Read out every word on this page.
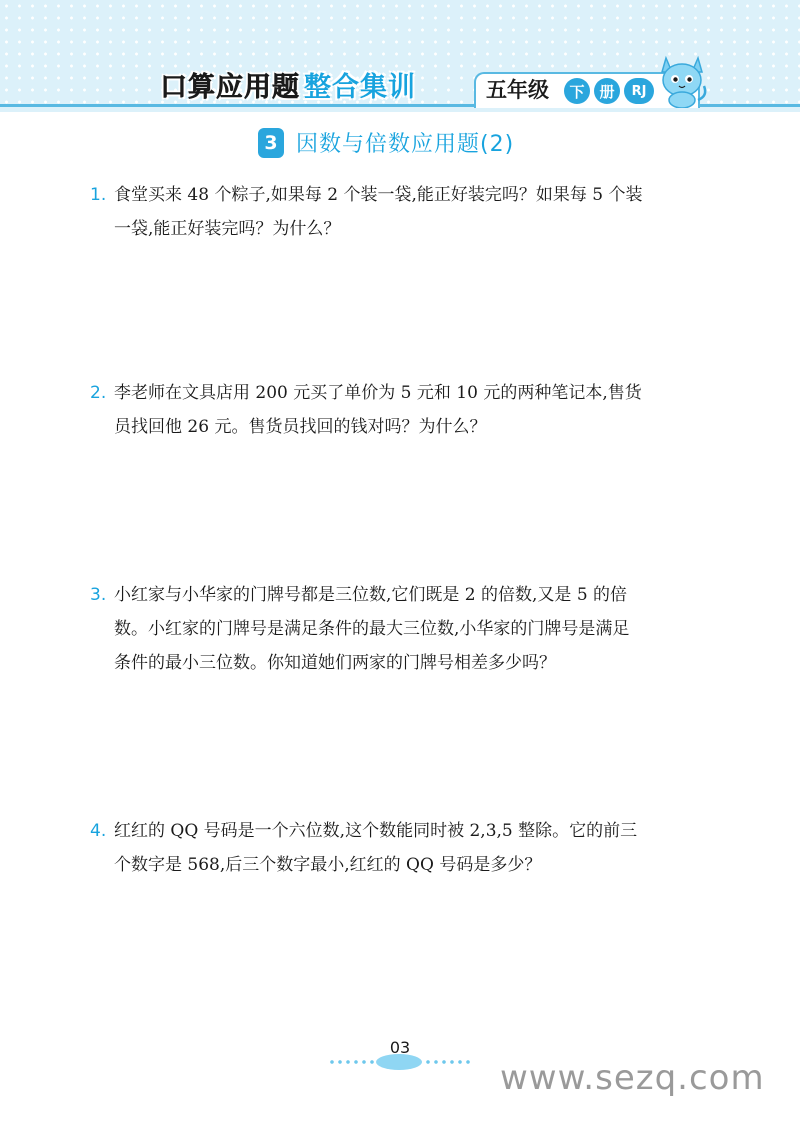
口算应用题 整合集训	五年级	下 册	RJ
3 因数与倍数应用题(2)
1. 食堂买来 48 个粽子,如果每 2 个装一袋,能正好装完吗？如果每 5 个装
一袋,能正好装完吗？为什么？
2. 李老师在文具店用 200 元买了单价为 5 元和 10 元的两种笔记本,售货
员找回他 26 元。售货员找回的钱对吗？为什么？
3. 小红家与小华家的门牌号都是三位数,它们既是 2 的倍数,又是 5 的倍
数。小红家的门牌号是满足条件的最大三位数,小华家的门牌号是满足
条件的最小三位数。你知道她们两家的门牌号相差多少吗？
4. 红红的 QQ 号码是一个六位数,这个数能同时被 2,3,5 整除。它的前三
个数字是 568,后三个数字最小,红红的 QQ 号码是多少？
03
www.sezq.com
